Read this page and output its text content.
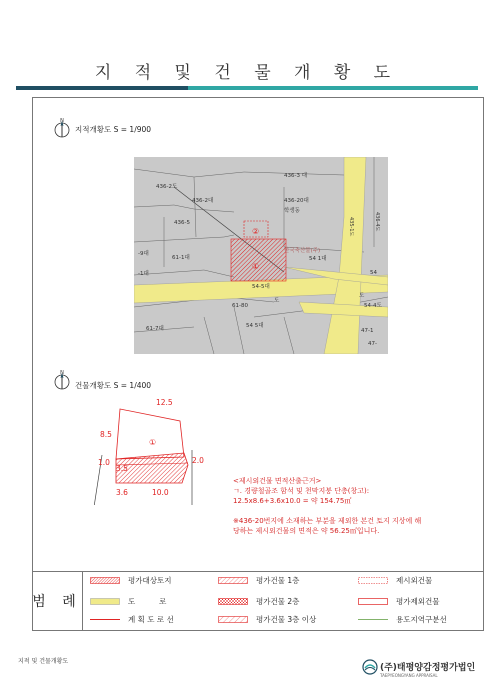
지 적 및 건 물 개 황 도
N
지적개황도 S = 1/900
436-3 대
436-2도
436-2대	436-20대
학생동
436-5
61-1대
-1대
54 1대
54
61-80
54-5대
61-7대	54 5대
47-1
47-
도
도
-9대
54-4도
한국축산물(주)
435-1도	436-4도
②
①
N
건물개황도 S = 1/400
12.5
8.5
1.0
3.5
2.0
3.6	10.0
①
<제시외건물 면적산출근거>
ㄱ. 경량철골조 함석 및 천막지붕 단층(창고):
12.5x8.6+3.6x10.0 = 약 154.75㎡
※436-20번지에 소재하는 부분을 제외한 본건 토지 지상에 해
당하는 제시외건물의 면적은 약 56.25㎡입니다.
범 례
평가대상토지	평가건물 1층	제시외건물
도          로	평가건물 2층	평가제외건물
계 획 도 로 선	평가건물 3층 이상	용도지역구분선
지적 및 건물개황도
(주)태평양감정평가법인
TAEPYEONGYANG APPRAISAL
